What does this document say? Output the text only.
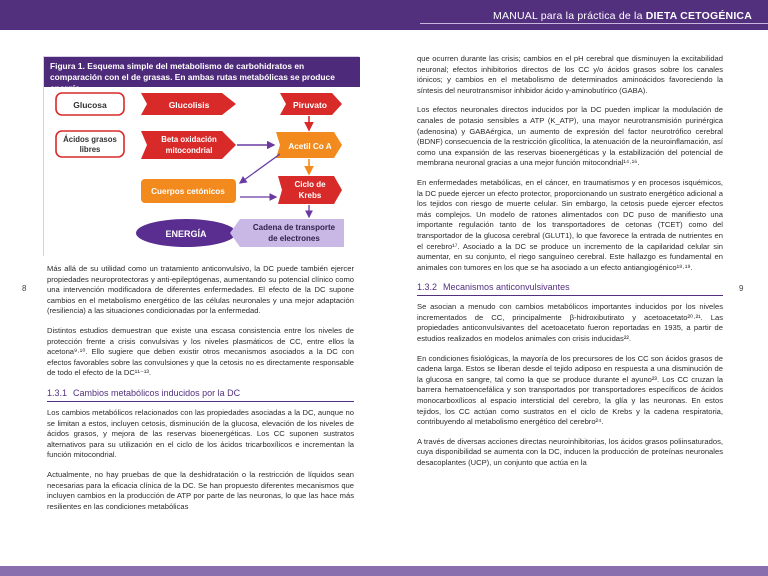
MANUAL para la práctica de la DIETA CETOGÉNICA
8	9
Figura 1. Esquema simple del metabolismo de carbohidratos en comparación con el de grasas. En ambas rutas metabólicas se produce
Glucosa	Glucolisis	Piruvato
Ácidos grasos
libres
Beta oxidación
mitocondrial	Acetil Co A
Cuerpos cetónicos
Ciclo de
Krebs
ENERGÍA
Cadena de transporte
de electrones

Más allá de su utilidad como un tratamiento anticonvulsivo, la DC puede también ejercer propiedades neuroprotectoras y anti-epileptógenas, aumentando su potencial clínico como una intervención modificadora de diferentes enfermedades. El efecto de la DC supone cambios en el metabolismo energético de las células neuronales y una mejor adaptación (resiliencia) a las situaciones condicionadas por la enfermedad.

Distintos estudios demuestran que existe una escasa consistencia entre los niveles de protección frente a crisis convulsivas y los niveles plasmáticos de CC, entre ellos la acetona⁹·¹⁰. Ello sugiere que deben existir otros mecanismos asociados a la DC con efectos favorables sobre las convulsiones y que la cetosis no es directamente responsable de todo el efecto de la DC¹¹⁻¹³.

1.3.1 Cambios metabólicos inducidos por la DC

Los cambios metabólicos relacionados con las propiedades asociadas a la DC, aunque no se limitan a estos, incluyen cetosis, disminución de la glucosa, elevación de los niveles de ácidos grasos, y mejora de las reservas bioenergéticas. Los CC suponen sustratos alternativos para su utilización en el ciclo de los ácidos tricarboxílicos e incrementan la función mitocondrial.

Actualmente, no hay pruebas de que la deshidratación o la restricción de líquidos sean necesarias para la eficacia clínica de la DC. Se han propuesto diferentes mecanismos que incluyen cambios en la producción de ATP por parte de las neuronas, lo que las hace más resilientes en las condiciones metabólicas

que ocurren durante las crisis; cambios en el pH cerebral que disminuyen la excitabilidad neuronal; efectos inhibitorios directos de los CC y/o ácidos grasos sobre los canales iónicos; y cambios en el metabolismo de determinados aminoácidos favoreciendo la síntesis del neurotransmisor inhibidor ácido γ-aminobutírico (GABA).

Los efectos neuronales directos inducidos por la DC pueden implicar la modulación de canales de potasio sensibles a ATP (K_ATP), una mayor neurotransmisión purinérgica (adenosina) y GABAérgica, un aumento de expresión del factor neurotrófico cerebral (BDNF) consecuencia de la restricción glicolítica, la atenuación de la neuroinflamación, así como una expansión de las reservas bioenergéticas y la estabilización del potencial de membrana neuronal gracias a una mejor función mitocondrial¹⁴·¹⁶.

En enfermedades metabólicas, en el cáncer, en traumatismos y en procesos isquémicos, la DC puede ejercer un efecto protector, proporcionando un sustrato energético adicional a los tejidos con riesgo de muerte celular. Sin embargo, la cetosis puede ejercer efectos más complejos. Un modelo de ratones alimentados con DC puso de manifiesto una importante regulación tanto de los transportadores de cetonas (TCET) como del transportador de la glucosa cerebral (GLUT1), lo que favorece la entrada de nutrientes en el cerebro¹⁷. Asociado a la DC se produce un incremento de la capilaridad celular sin aumentar, en su conjunto, el riego sanguíneo cerebral. Este hallazgo es fundamental en animales con tumores en los que se ha asociado a un efecto antiangiogénico¹⁸·¹⁹.

1.3.2 Mecanismos anticonvulsivantes

Se asocian a menudo con cambios metabólicos importantes inducidos por los niveles incrementados de CC, principalmente β-hidroxibutirato y acetoacetato²⁰·²¹. Las propiedades anticonvulsivantes del acetoacetato fueron reportadas en 1935, a partir de estudios realizados en modelos animales con crisis inducidas²².

En condiciones fisiológicas, la mayoría de los precursores de los CC son ácidos grasos de cadena larga. Estos se liberan desde el tejido adiposo en respuesta a una disminución de la glucosa en sangre, tal como la que se produce durante el ayuno²³. Los CC cruzan la barrera hematoencefálica y son transportados por transportadores específicos de ácidos monocarboxílicos al espacio intersticial del cerebro, la glía y las neuronas. En estos tejidos, los CC actúan como sustratos en el ciclo de Krebs y la cadena respiratoria, contribuyendo al metabolismo energético del cerebro²⁴.

A través de diversas acciones directas neuroinhibitorias, los ácidos grasos poliinsaturados, cuya disponibilidad se aumenta con la DC, inducen la producción de proteínas neuronales desacoplantes (UCP), un conjunto que actúa en la
